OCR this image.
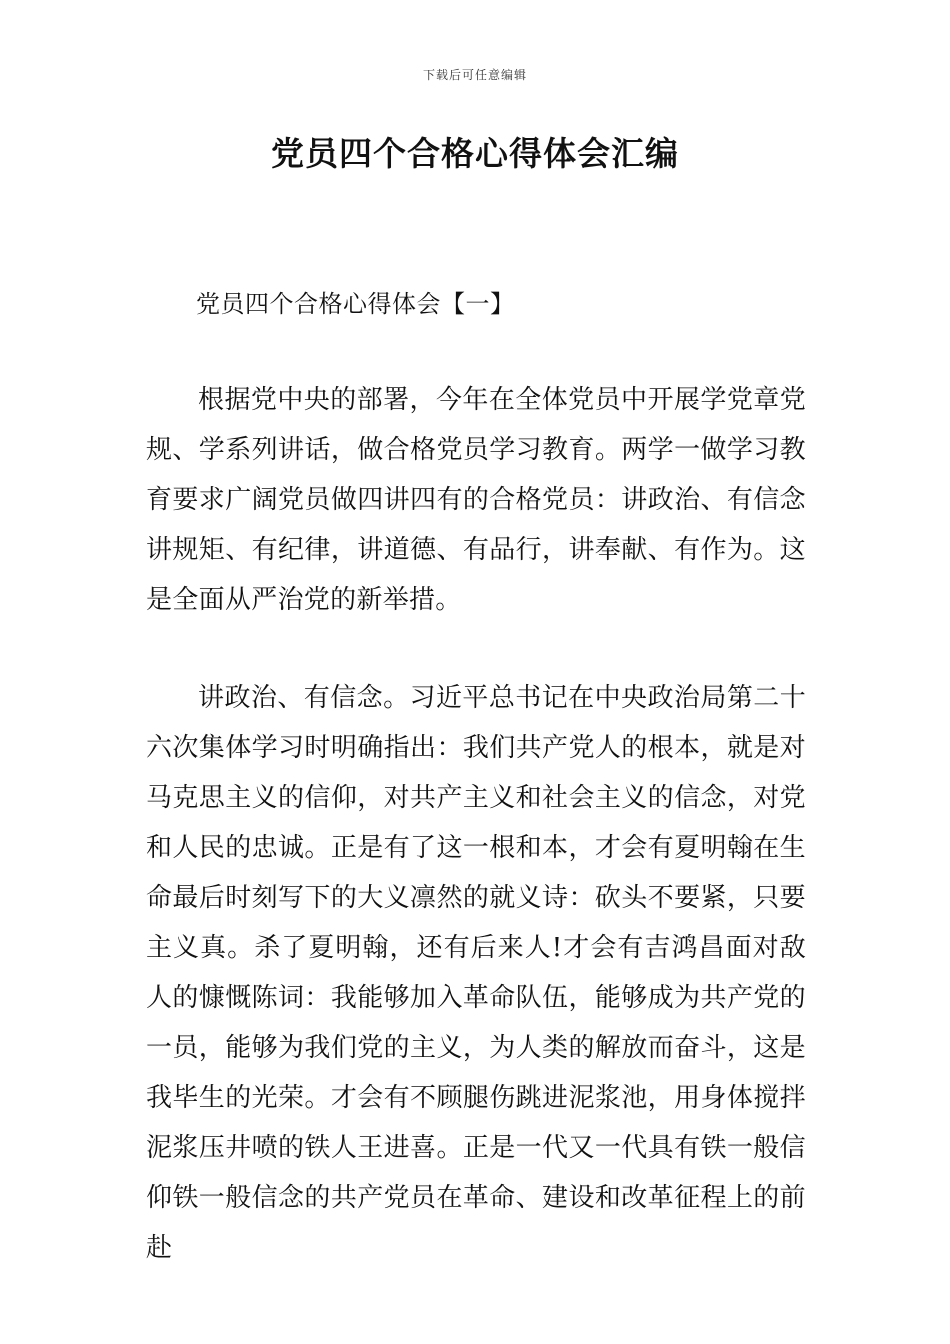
下载后可任意编辑
党员四个合格心得体会汇编
党员四个合格心得体会【一】

根据党中央的部署，今年在全体党员中开展学党章党规、学系列讲话，做合格党员学习教育。两学一做学习教育要求广阔党员做四讲四有的合格党员：讲政治、有信念讲规矩、有纪律，讲道德、有品行，讲奉献、有作为。这是全面从严治党的新举措。

讲政治、有信念。习近平总书记在中央政治局第二十六次集体学习时明确指出：我们共产党人的根本，就是对马克思主义的信仰，对共产主义和社会主义的信念，对党和人民的忠诚。正是有了这一根和本，才会有夏明翰在生命最后时刻写下的大义凛然的就义诗：砍头不要紧，只要主义真。杀了夏明翰，还有后来人!才会有吉鸿昌面对敌人的慷慨陈词：我能够加入革命队伍，能够成为共产党的一员，能够为我们党的主义，为人类的解放而奋斗，这是我毕生的光荣。才会有不顾腿伤跳进泥浆池，用身体搅拌泥浆压井喷的铁人王进喜。正是一代又一代具有铁一般信仰铁一般信念的共产党员在革命、建设和改革征程上的前赴
